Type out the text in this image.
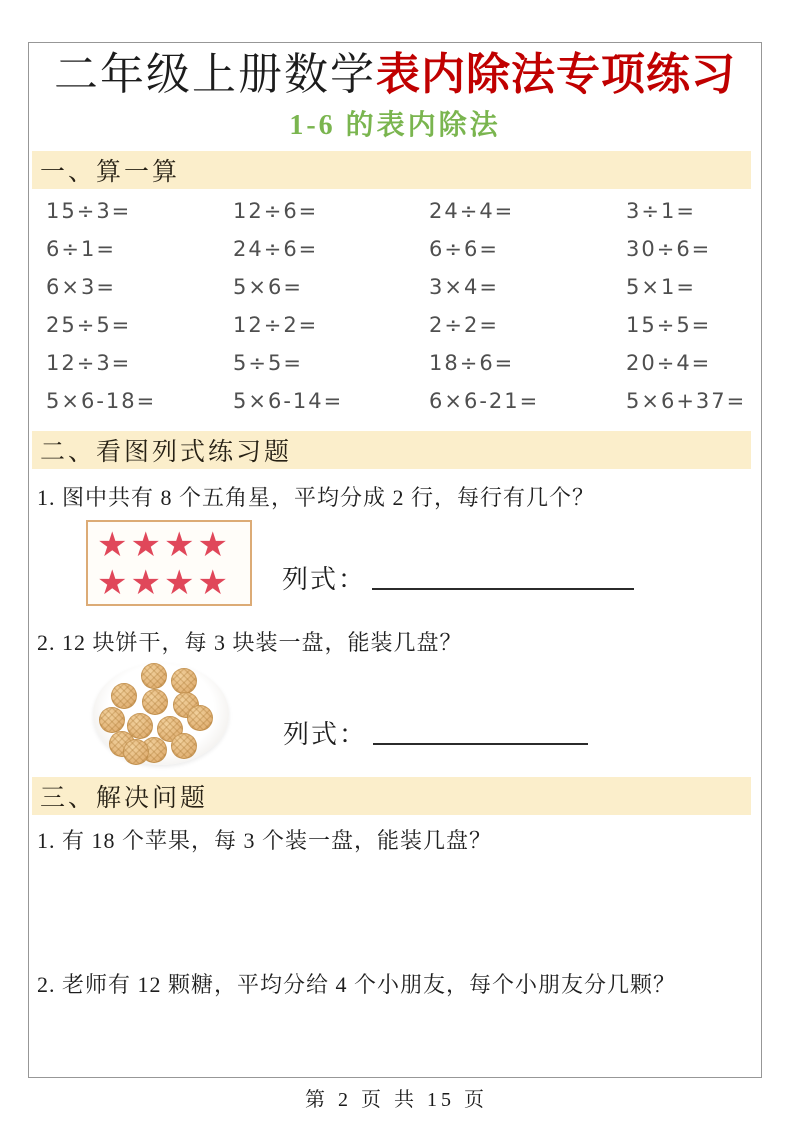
二年级上册数学表内除法专项练习
1-6 的表内除法
一、算一算
15÷3=	12÷6=	24÷4=	3÷1=
6÷1=	24÷6=	6÷6=	30÷6=
6×3=	5×6=	3×4=	5×1=
25÷5=	12÷2=	2÷2=	15÷5=
12÷3=	5÷5=	18÷6=	20÷4=
5×6-18=	5×6-14=	6×6-21=	5×6+37=
二、看图列式练习题
1. 图中共有 8 个五角星，平均分成 2 行，每行有几个？
★★★★
★★★★	列式：
2. 12 块饼干，每 3 块装一盘，能装几盘？
列式：
三、解决问题
1. 有 18 个苹果，每 3 个装一盘，能装几盘？
2. 老师有 12 颗糖，平均分给 4 个小朋友，每个小朋友分几颗？
第 2 页 共 15 页
